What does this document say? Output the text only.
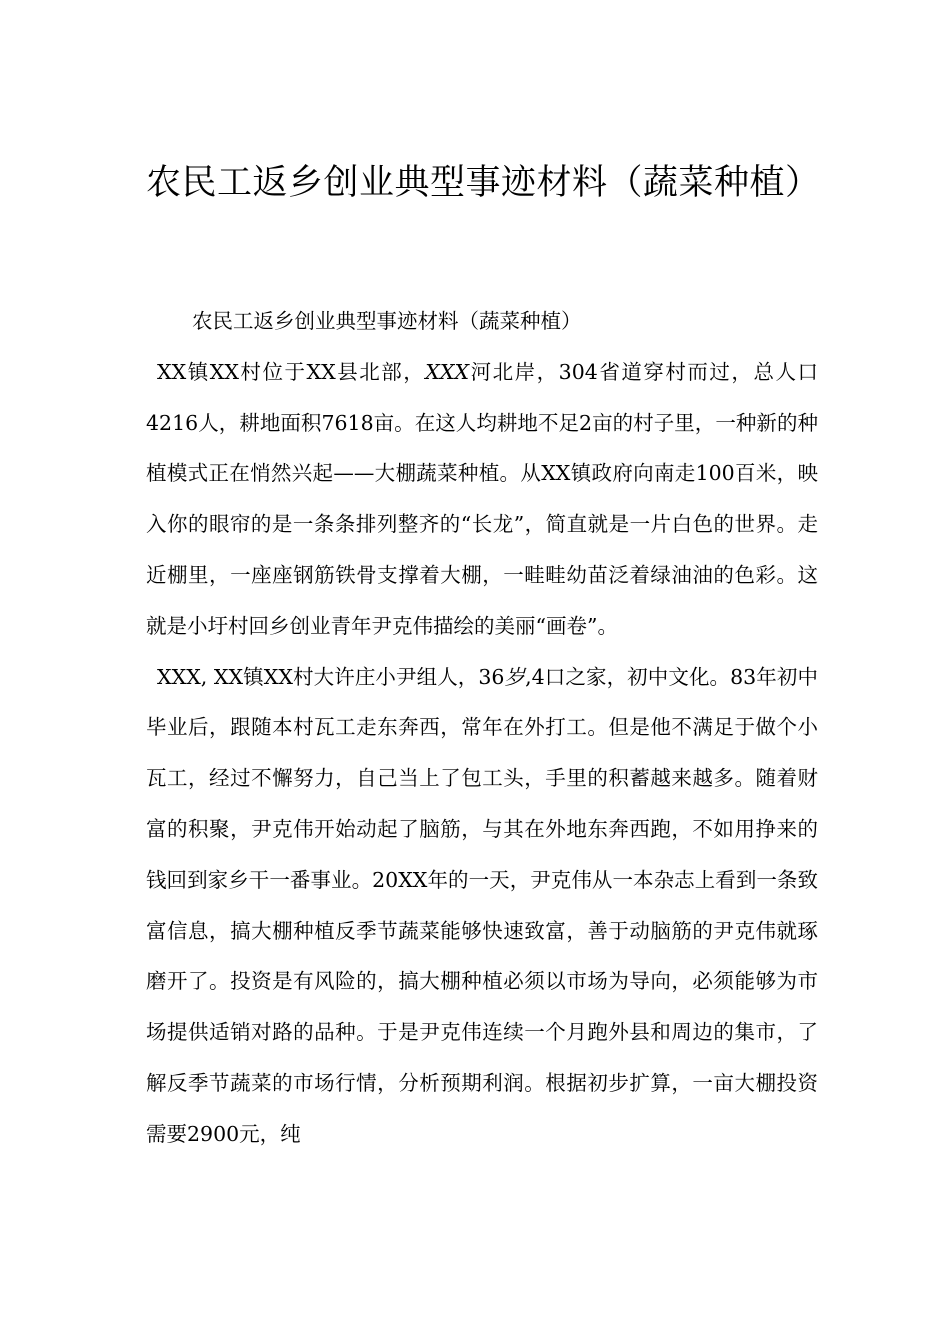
农民工返乡创业典型事迹材料（蔬菜种植）

农民工返乡创业典型事迹材料（蔬菜种植）

XX镇XX村位于XX县北部，XXX河北岸，304省道穿村而过，总人口4216人，耕地面积7618亩。在这人均耕地不足2亩的村子里，一种新的种植模式正在悄然兴起——大棚蔬菜种植。从XX镇政府向南走100百米，映入你的眼帘的是一条条排列整齐的“长龙”，简直就是一片白色的世界。走近棚里，一座座钢筋铁骨支撑着大棚，一畦畦幼苗泛着绿油油的色彩。这就是小圩村回乡创业青年尹克伟描绘的美丽“画卷”。

XXX, XX镇XX村大许庄小尹组人，36岁,4口之家，初中文化。83年初中毕业后，跟随本村瓦工走东奔西，常年在外打工。但是他不满足于做个小瓦工，经过不懈努力，自己当上了包工头，手里的积蓄越来越多。随着财富的积聚，尹克伟开始动起了脑筋，与其在外地东奔西跑，不如用挣来的钱回到家乡干一番事业。20XX年的一天，尹克伟从一本杂志上看到一条致富信息，搞大棚种植反季节蔬菜能够快速致富，善于动脑筋的尹克伟就琢磨开了。投资是有风险的，搞大棚种植必须以市场为导向，必须能够为市场提供适销对路的品种。于是尹克伟连续一个月跑外县和周边的集市，了解反季节蔬菜的市场行情，分析预期利润。根据初步扩算，一亩大棚投资需要2900元，纯
